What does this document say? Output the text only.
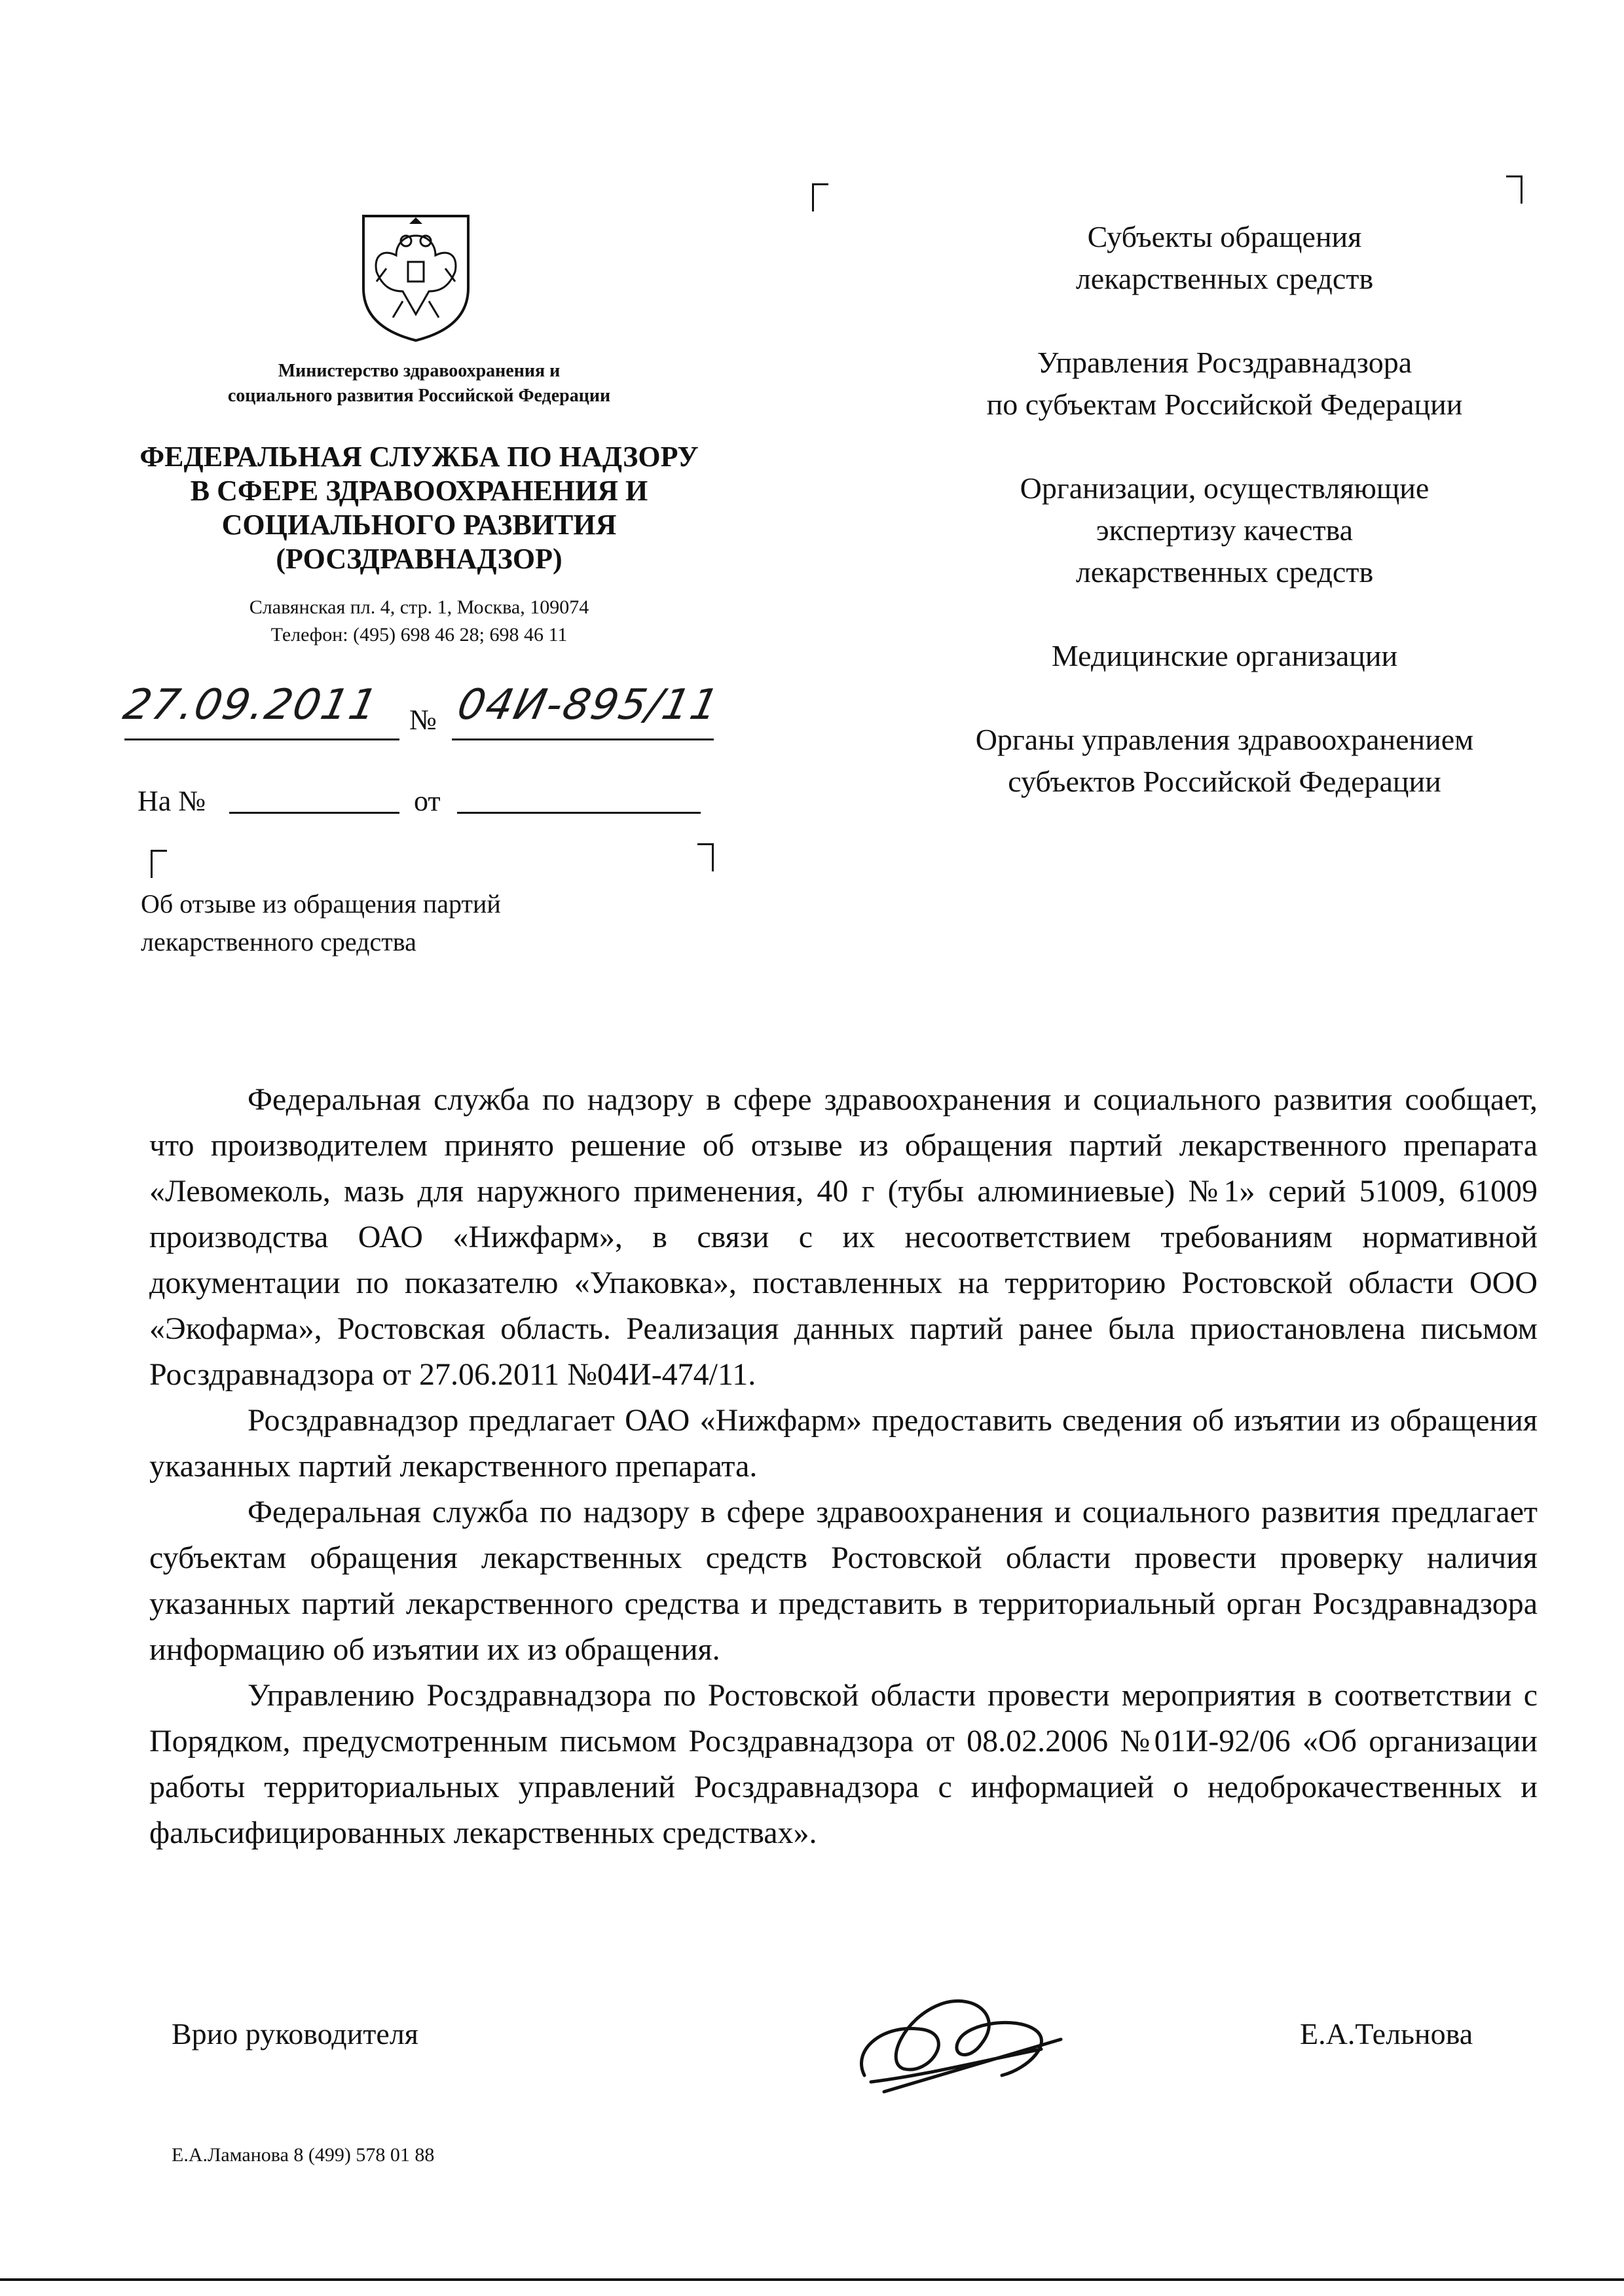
Министерство здравоохранения и
социального развития Российской Федерации
ФЕДЕРАЛЬНАЯ СЛУЖБА ПО НАДЗОРУ
В СФЕРЕ ЗДРАВООХРАНЕНИЯ И
СОЦИАЛЬНОГО РАЗВИТИЯ
(РОСЗДРАВНАДЗОР)
Славянская пл. 4, стр. 1, Москва, 109074
Телефон: (495) 698 46 28; 698 46 11
27.09.2011 № 04И-895/11
На №	от
Об отзыве из обращения партий
лекарственного средства
Субъекты обращения
лекарственных средств
Управления Росздравнадзора
по субъектам Российской Федерации
Организации, осуществляющие
экспертизу качества
лекарственных средств
Медицинские организации
Органы управления здравоохранением
субъектов Российской Федерации

Федеральная служба по надзору в сфере здравоохранения и социального развития сообщает, что производителем принято решение об отзыве из обращения партий лекарственного препарата «Левомеколь, мазь для наружного применения, 40 г (тубы алюминиевые) №1» серий 51009, 61009 производства ОАО «Нижфарм», в связи с их несоответствием требованиям нормативной документации по показателю «Упаковка», поставленных на территорию Ростовской области ООО «Экофарма», Ростовская область. Реализация данных партий ранее была приостановлена письмом Росздравнадзора от 27.06.2011 №04И-474/11.

Росздравнадзор предлагает ОАО «Нижфарм» предоставить сведения об изъятии из обращения указанных партий лекарственного препарата.

Федеральная служба по надзору в сфере здравоохранения и социального развития предлагает субъектам обращения лекарственных средств Ростовской области провести проверку наличия указанных партий лекарственного средства и представить в территориальный орган Росздравнадзора информацию об изъятии их из обращения.

Управлению Росздравнадзора по Ростовской области провести мероприятия в соответствии с Порядком, предусмотренным письмом Росздравнадзора от 08.02.2006 №01И-92/06 «Об организации работы территориальных управлений Росздравнадзора с информацией о недоброкачественных и фальсифицированных лекарственных средствах».

Врио руководителя	Е.А.Тельнова
Е.А.Ламанова 8 (499) 578 01 88
